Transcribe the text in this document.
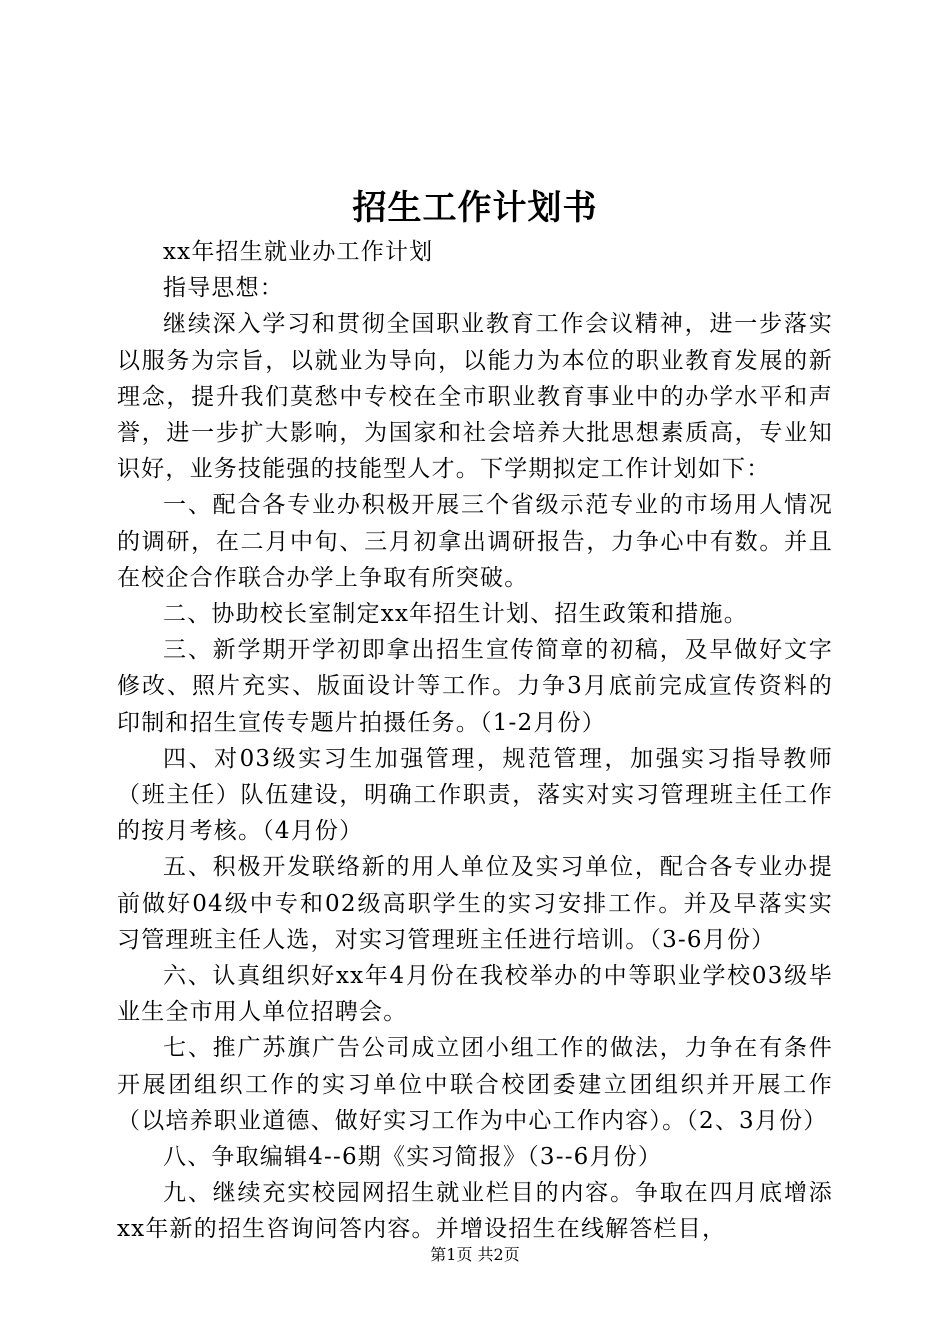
招生工作计划书

xx年招生就业办工作计划

指导思想：

继续深入学习和贯彻全国职业教育工作会议精神，进一步落实以服务为宗旨，以就业为导向，以能力为本位的职业教育发展的新理念，提升我们莫愁中专校在全市职业教育事业中的办学水平和声誉，进一步扩大影响，为国家和社会培养大批思想素质高，专业知识好，业务技能强的技能型人才。下学期拟定工作计划如下：

一、配合各专业办积极开展三个省级示范专业的市场用人情况的调研，在二月中旬、三月初拿出调研报告，力争心中有数。并且在校企合作联合办学上争取有所突破。

二、协助校长室制定xx年招生计划、招生政策和措施。

三、新学期开学初即拿出招生宣传简章的初稿，及早做好文字修改、照片充实、版面设计等工作。力争3月底前完成宣传资料的印制和招生宣传专题片拍摄任务。（1-2月份）

四、对03级实习生加强管理，规范管理，加强实习指导教师（班主任）队伍建设，明确工作职责，落实对实习管理班主任工作的按月考核。（4月份）

五、积极开发联络新的用人单位及实习单位，配合各专业办提前做好04级中专和02级高职学生的实习安排工作。并及早落实实习管理班主任人选，对实习管理班主任进行培训。（3-6月份）

六、认真组织好xx年4月份在我校举办的中等职业学校03级毕业生全市用人单位招聘会。

七、推广苏旗广告公司成立团小组工作的做法，力争在有条件开展团组织工作的实习单位中联合校团委建立团组织并开展工作（以培养职业道德、做好实习工作为中心工作内容）。（2、3月份）

八、争取编辑4--6期《实习简报》（3--6月份）

九、继续充实校园网招生就业栏目的内容。争取在四月底增添xx年新的招生咨询问答内容。并增设招生在线解答栏目，

第1页 共2页
